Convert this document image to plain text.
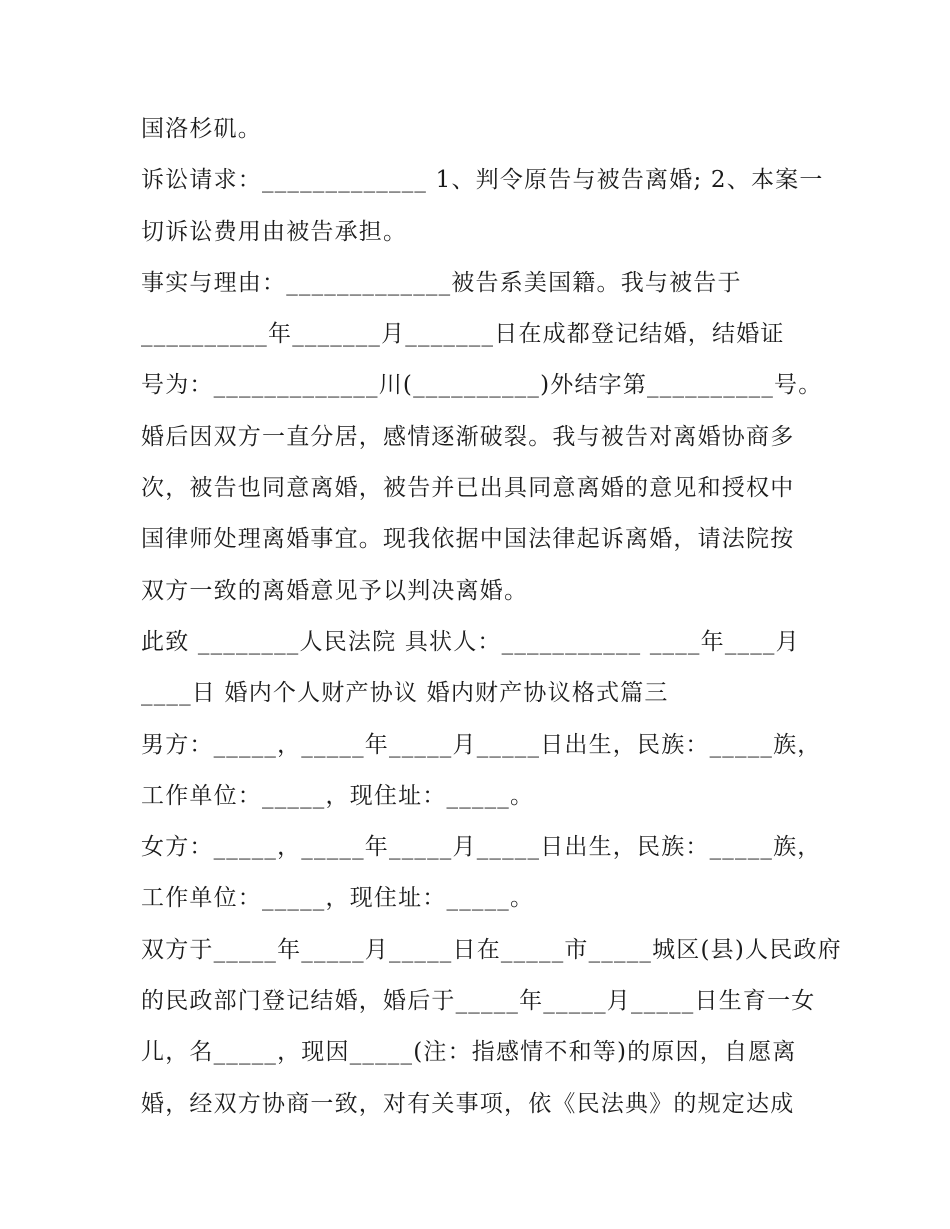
国洛杉矶。
诉讼请求：_____________ 1、判令原告与被告离婚; 2、本案一
切诉讼费用由被告承担。
事实与理由：_____________被告系美国籍。我与被告于
__________年_______月_______日在成都登记结婚，结婚证
号为：_____________川(__________)外结字第__________号。
婚后因双方一直分居，感情逐渐破裂。我与被告对离婚协商多
次，被告也同意离婚，被告并已出具同意离婚的意见和授权中
国律师处理离婚事宜。现我依据中国法律起诉离婚，请法院按
双方一致的离婚意见予以判决离婚。
此致 ________人民法院 具状人：___________ ____年____月
____日 婚内个人财产协议 婚内财产协议格式篇三
男方：_____，_____年_____月_____日出生，民族：_____族，
工作单位：_____，现住址：_____。
女方：_____，_____年_____月_____日出生，民族：_____族，
工作单位：_____，现住址：_____。
双方于_____年_____月_____日在_____市_____城区(县)人民政府
的民政部门登记结婚，婚后于_____年_____月_____日生育一女
儿，名_____，现因_____(注：指感情不和等)的原因，自愿离
婚，经双方协商一致，对有关事项，依《民法典》的规定达成
